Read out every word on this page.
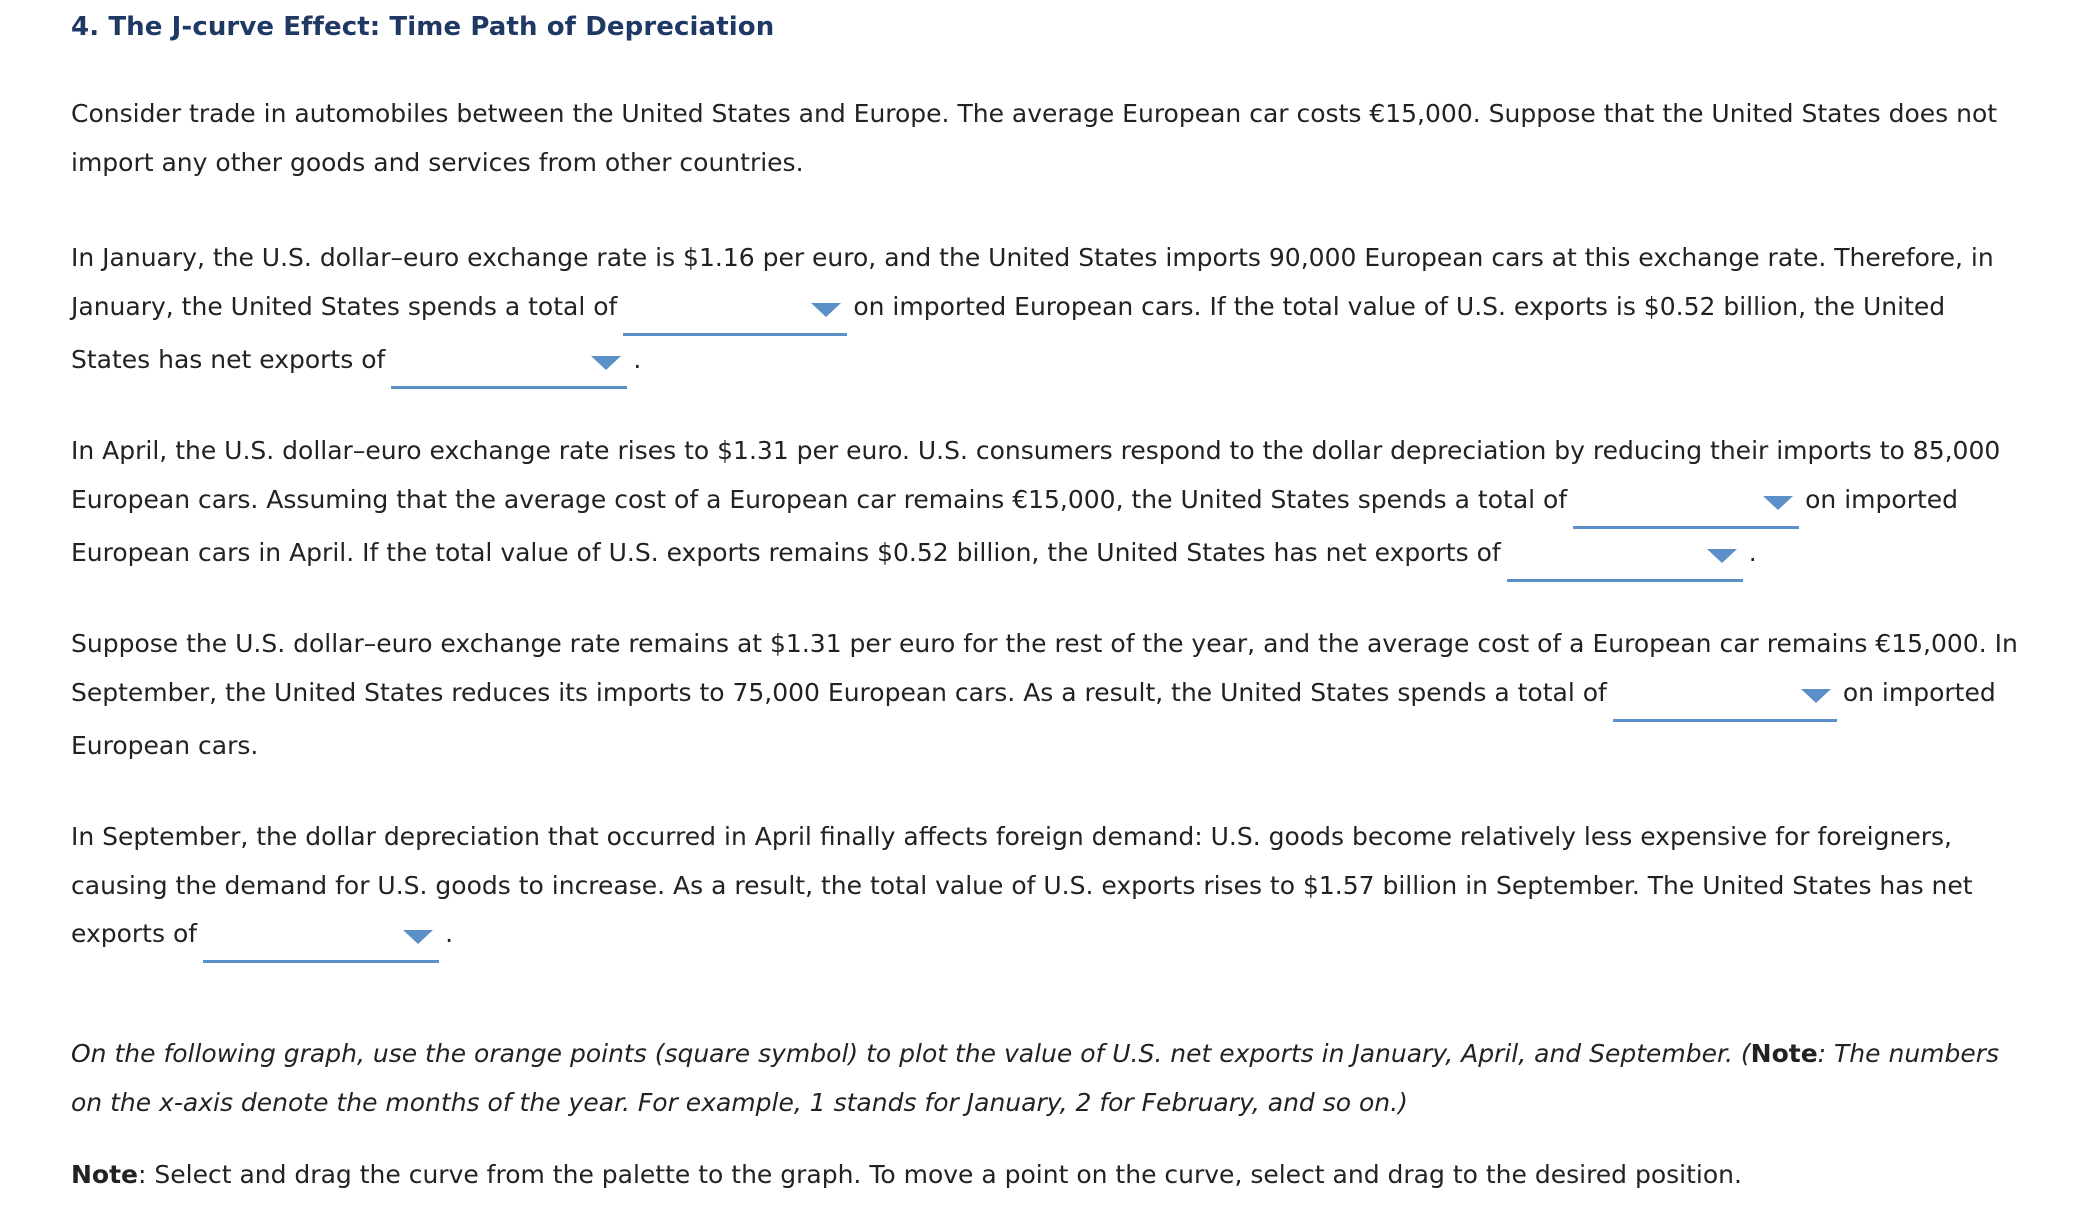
4. The J-curve Effect: Time Path of Depreciation

Consider trade in automobiles between the United States and Europe. The average European car costs €15,000. Suppose that the United States does not import any other goods and services from other countries.

In January, the U.S. dollar–euro exchange rate is $1.16 per euro, and the United States imports 90,000 European cars at this exchange rate. Therefore, in January, the United States spends a total of	on imported European cars. If the total value of U.S. exports is $0.52 billion, the United States has net exports of	.

In April, the U.S. dollar–euro exchange rate rises to $1.31 per euro. U.S. consumers respond to the dollar depreciation by reducing their imports to 85,000 European cars. Assuming that the average cost of a European car remains €15,000, the United States spends a total of	on imported European cars in April. If the total value of U.S. exports remains $0.52 billion, the United States has net exports of	.

Suppose the U.S. dollar–euro exchange rate remains at $1.31 per euro for the rest of the year, and the average cost of a European car remains €15,000. In September, the United States reduces its imports to 75,000 European cars. As a result, the United States spends a total of	on imported European cars.

In September, the dollar depreciation that occurred in April finally affects foreign demand: U.S. goods become relatively less expensive for foreigners, causing the demand for U.S. goods to increase. As a result, the total value of U.S. exports rises to $1.57 billion in September. The United States has net exports of	.

On the following graph, use the orange points (square symbol) to plot the value of U.S. net exports in January, April, and September. (Note: The numbers on the x-axis denote the months of the year. For example, 1 stands for January, 2 for February, and so on.)

Note: Select and drag the curve from the palette to the graph. To move a point on the curve, select and drag to the desired position.
